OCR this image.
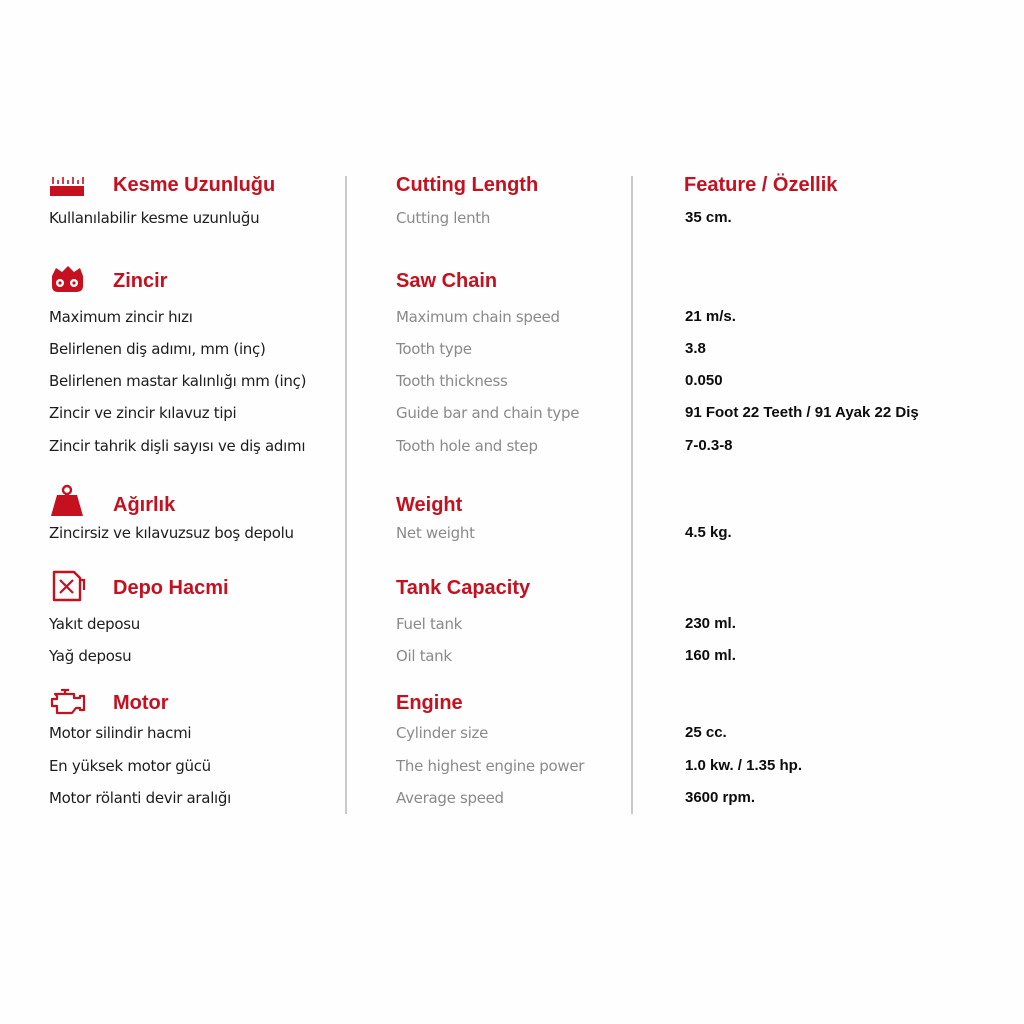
Kesme Uzunluğu	Cutting Length	Feature / Özellik
Kullanılabilir kesme uzunluğu	Cutting lenth	35 cm.
Zincir	Saw Chain
Maximum zincir hızı	Maximum chain speed	21 m/s.
Belirlenen diş adımı, mm (inç)	Tooth type	3.8
Belirlenen mastar kalınlığı mm (inç)	Tooth thickness	0.050
Zincir ve zincir kılavuz tipi	Guide bar and chain type	91 Foot 22 Teeth / 91 Ayak 22 Diş
Zincir tahrik dişli sayısı ve diş adımı	Tooth hole and step	7-0.3-8
Ağırlık	Weight
Zincirsiz ve kılavuzsuz boş depolu	Net weight	4.5 kg.
Depo Hacmi	Tank Capacity
Yakıt deposu	Fuel tank	230 ml.
Yağ deposu	Oil tank	160 ml.
Motor	Engine
Motor silindir hacmi	Cylinder size	25 cc.
En yüksek motor gücü	The highest engine power	1.0 kw. / 1.35 hp.
Motor rölanti devir aralığı	Average speed	3600 rpm.
